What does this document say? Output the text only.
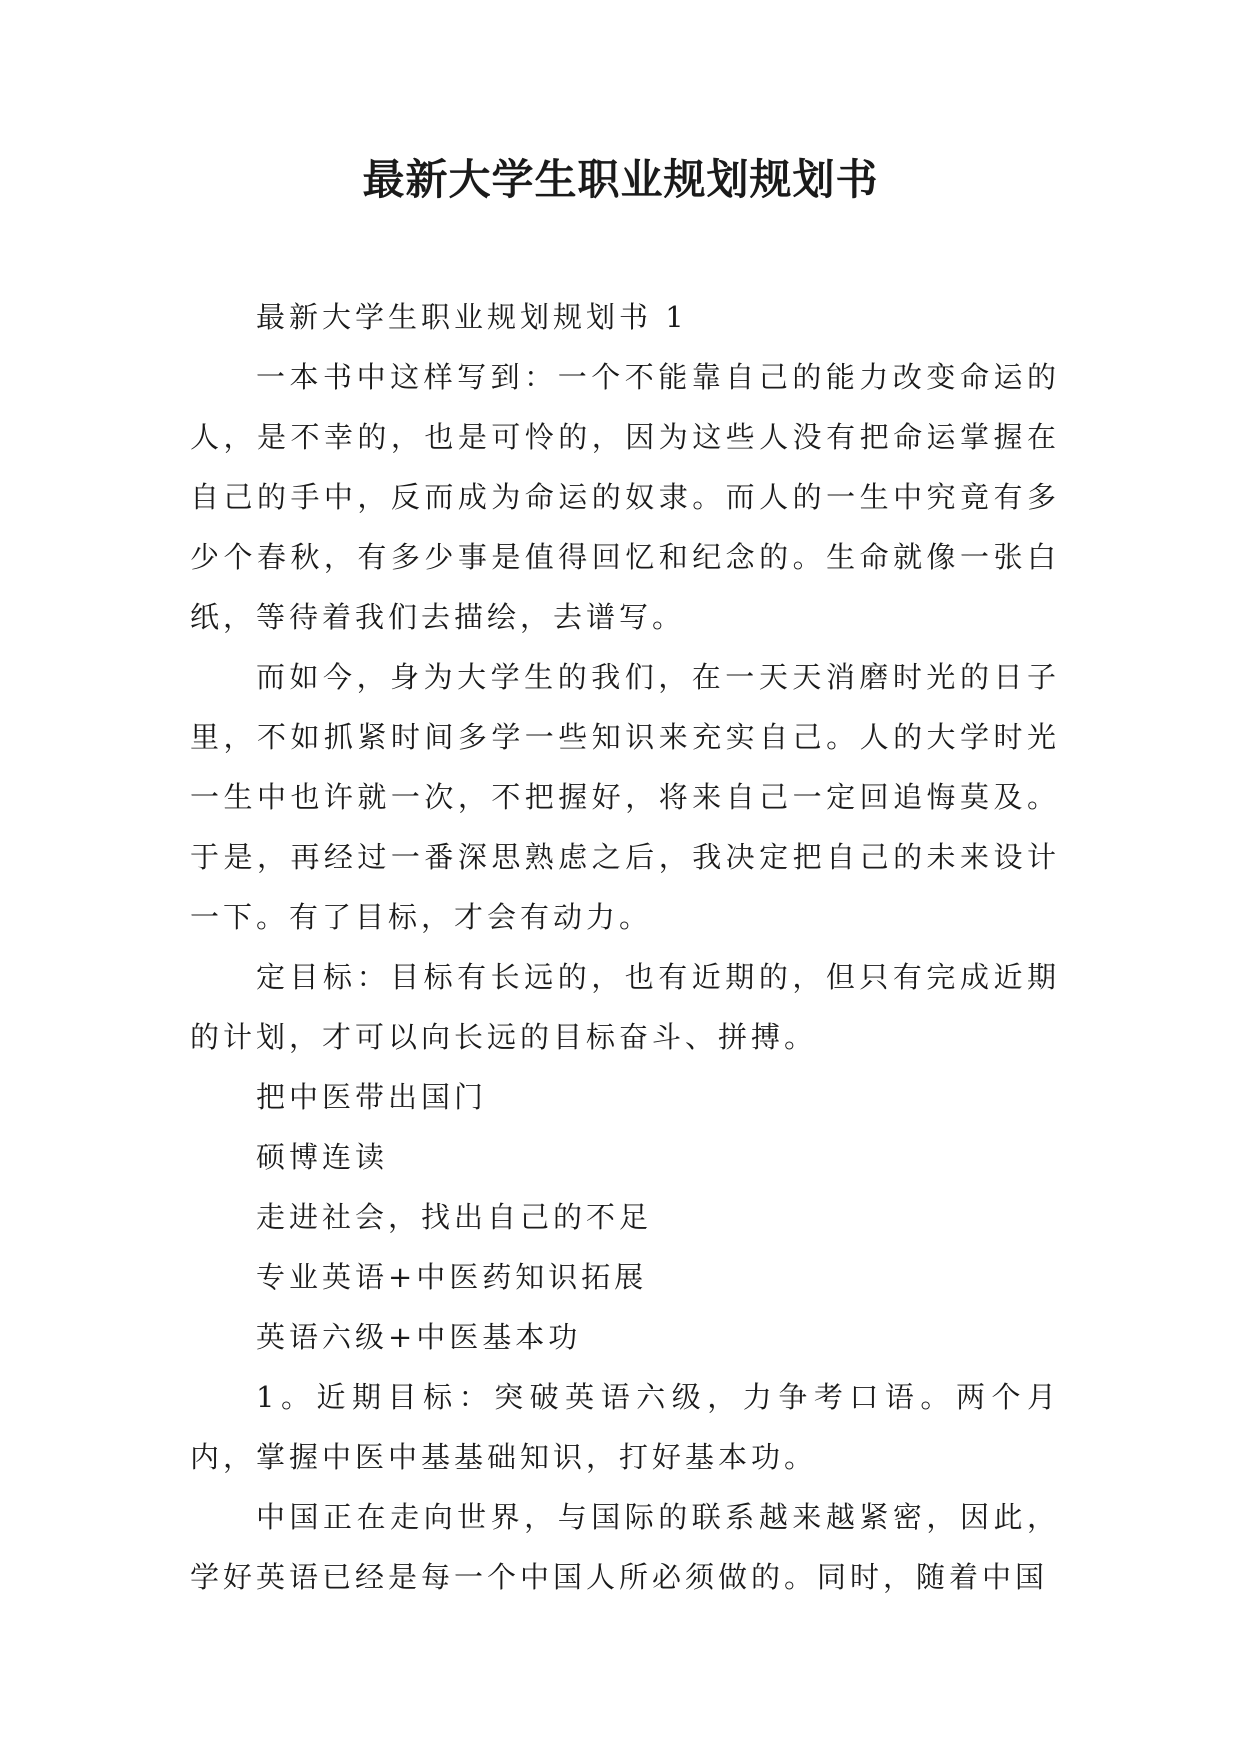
最新大学生职业规划规划书

最新大学生职业规划规划书 1

一本书中这样写到：一个不能靠自己的能力改变命运的人，是不幸的，也是可怜的，因为这些人没有把命运掌握在自己的手中，反而成为命运的奴隶。而人的一生中究竟有多少个春秋，有多少事是值得回忆和纪念的。生命就像一张白纸，等待着我们去描绘，去谱写。

而如今，身为大学生的我们，在一天天消磨时光的日子里，不如抓紧时间多学一些知识来充实自己。人的大学时光一生中也许就一次，不把握好，将来自己一定回追悔莫及。于是，再经过一番深思熟虑之后，我决定把自己的未来设计一下。有了目标，才会有动力。

定目标：目标有长远的，也有近期的，但只有完成近期的计划，才可以向长远的目标奋斗、拼搏。

把中医带出国门

硕博连读

走进社会，找出自己的不足

专业英语+中医药知识拓展

英语六级+中医基本功

1。近期目标：突破英语六级，力争考口语。两个月内，掌握中医中基基础知识，打好基本功。

中国正在走向世界，与国际的联系越来越紧密，因此，学好英语已经是每一个中国人所必须做的。同时，随着中国
